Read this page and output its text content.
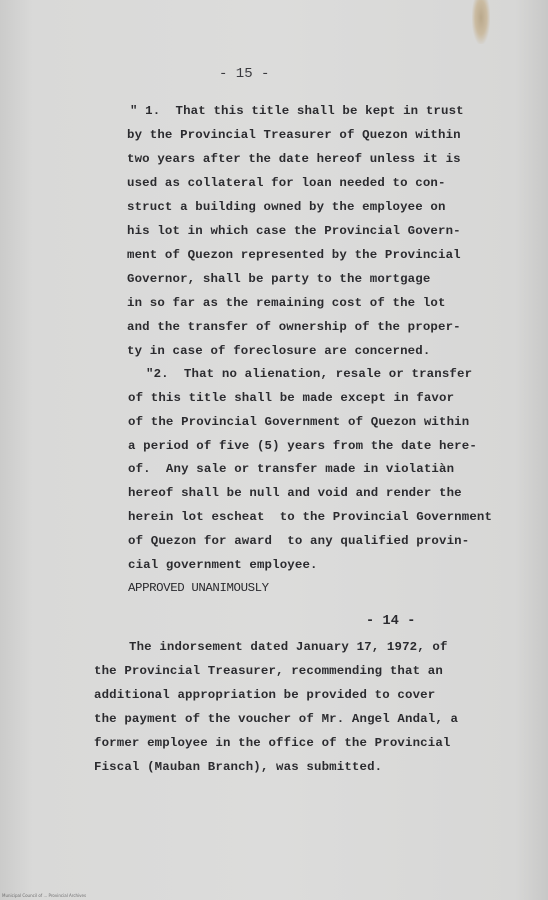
- 15 -
" 1.  That this title shall be kept in trust
by the Provincial Treasurer of Quezon within
two years after the date hereof unless it is
used as collateral for loan needed to con-
struct a building owned by the employee on
his lot in which case the Provincial Govern-
ment of Quezon represented by the Provincial
Governor, shall be party to the mortgage
in so far as the remaining cost of the lot
and the transfer of ownership of the proper-
ty in case of foreclosure are concerned.
"2.  That no alienation, resale or transfer
of this title shall be made except in favor
of the Provincial Government of Quezon within
a period of five (5) years from the date here-
of.  Any sale or transfer made in violatiàn
hereof shall be null and void and render the
herein lot escheat  to the Provincial Government
of Quezon for award  to any qualified provin-
cial government employee.
APPROVED UNANIMOUSLY
- 14 -
The indorsement dated January 17, 1972, of
the Provincial Treasurer, recommending that an
additional appropriation be provided to cover
the payment of the voucher of Mr. Angel Andal, a
former employee in the office of the Provincial
Fiscal (Mauban Branch), was submitted.
Municipal Council of ... Provincial Archives
